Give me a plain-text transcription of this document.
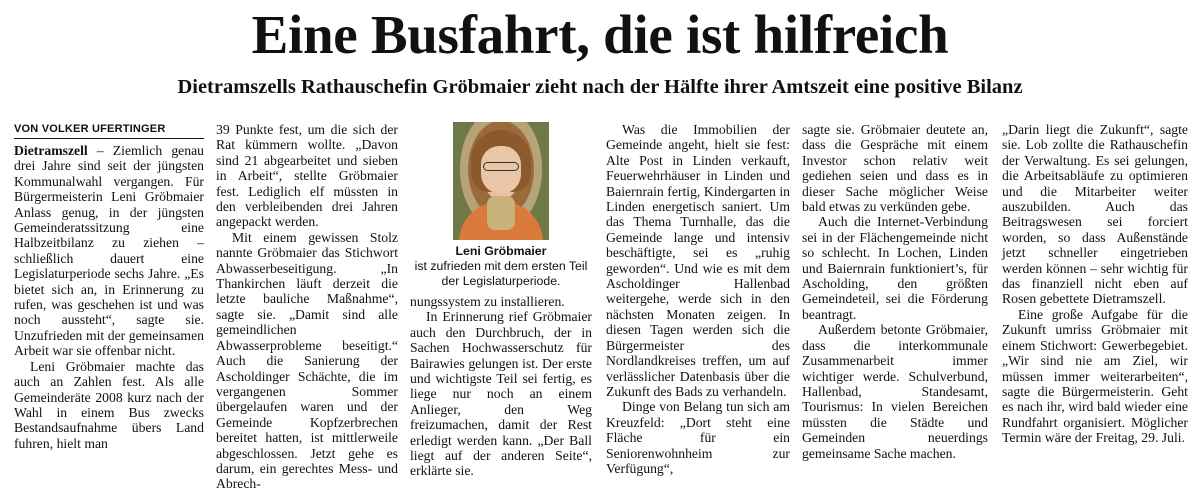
Eine Busfahrt, die ist hilfreich
Dietramszells Rathauschefin Gröbmaier zieht nach der Hälfte ihrer Amtszeit eine positive Bilanz
VON VOLKER UFERTINGER

Dietramszell – Ziemlich genau drei Jahre sind seit der jüngsten Kommunalwahl vergangen. Für Bürgermeisterin Leni Gröbmaier Anlass genug, in der jüngsten Gemeinderatssitzung eine Halbzeitbilanz zu ziehen – schließlich dauert eine Legislaturperiode sechs Jahre. „Es bietet sich an, in Erinnerung zu rufen, was geschehen ist und was noch aussteht“, sagte sie. Unzufrieden mit der gemeinsamen Arbeit war sie offenbar nicht.

Leni Gröbmaier machte das auch an Zahlen fest. Als alle Gemeinderäte 2008 kurz nach der Wahl in einem Bus zwecks Bestandsaufnahme übers Land fuhren, hielt man

39 Punkte fest, um die sich der Rat kümmern wollte. „Davon sind 21 abgearbeitet und sieben in Arbeit“, stellte Gröbmaier fest. Lediglich elf müssten in den verbleibenden drei Jahren angepackt werden.

Mit einem gewissen Stolz nannte Gröbmaier das Stichwort Abwasserbeseitigung. „In Thankirchen läuft derzeit die letzte bauliche Maßnahme“, sagte sie. „Damit sind alle gemeindlichen Abwasserprobleme beseitigt.“ Auch die Sanierung der Ascholdinger Schächte, die im vergangenen Sommer übergelaufen waren und der Gemeinde Kopfzerbrechen bereitet hatten, ist mittlerweile abgeschlossen. Jetzt gehe es darum, ein gerechtes Mess- und Abrech-

Leni Gröbmaier
ist zufrieden mit dem ersten Teil der Legislaturperiode.

nungssystem zu installieren.

In Erinnerung rief Gröbmaier auch den Durchbruch, der in Sachen Hochwasserschutz für Bairawies gelungen ist. Der erste und wichtigste Teil sei fertig, es liege nur noch an einem Anlieger, den Weg freizumachen, damit der Rest erledigt werden kann. „Der Ball liegt auf der anderen Seite“, erklärte sie.

Was die Immobilien der Gemeinde angeht, hielt sie fest: Alte Post in Linden verkauft, Feuerwehrhäuser in Linden und Baiernrain fertig, Kindergarten in Linden energetisch saniert. Um das Thema Turnhalle, das die Gemeinde lange und intensiv beschäftigte, sei es „ruhig geworden“. Und wie es mit dem Ascholdinger Hallenbad weitergehe, werde sich in den nächsten Monaten zeigen. In diesen Tagen werden sich die Bürgermeister des Nordlandkreises treffen, um auf verlässlicher Datenbasis über die Zukunft des Bads zu verhandeln.

Dinge von Belang tun sich am Kreuzfeld: „Dort steht eine Fläche für ein Seniorenwohnheim zur Verfügung“,

sagte sie. Gröbmaier deutete an, dass die Gespräche mit einem Investor schon relativ weit gediehen seien und dass es in dieser Sache möglicher Weise bald etwas zu verkünden gebe.

Auch die Internet-Verbindung sei in der Flächengemeinde nicht so schlecht. In Lochen, Linden und Baiernrain funktioniert’s, für Ascholding, den größten Gemeindeteil, sei die Förderung beantragt.

Außerdem betonte Gröbmaier, dass die interkommunale Zusammenarbeit immer wichtiger werde. Schulverbund, Hallenbad, Standesamt, Tourismus: In vielen Bereichen müssten die Städte und Gemeinden neuerdings gemeinsame Sache machen.

„Darin liegt die Zukunft“, sagte sie. Lob zollte die Rathauschefin der Verwaltung. Es sei gelungen, die Arbeitsabläufe zu optimieren und die Mitarbeiter weiter auszubilden. Auch das Beitragswesen sei forciert worden, so dass Außenstände jetzt schneller eingetrieben werden können – sehr wichtig für das finanziell nicht eben auf Rosen gebettete Dietramszell.

Eine große Aufgabe für die Zukunft umriss Gröbmaier mit einem Stichwort: Gewerbegebiet. „Wir sind nie am Ziel, wir müssen immer weiterarbeiten“, sagte die Bürgermeisterin. Geht es nach ihr, wird bald wieder eine Rundfahrt organisiert. Möglicher Termin wäre der Freitag, 29. Juli.
